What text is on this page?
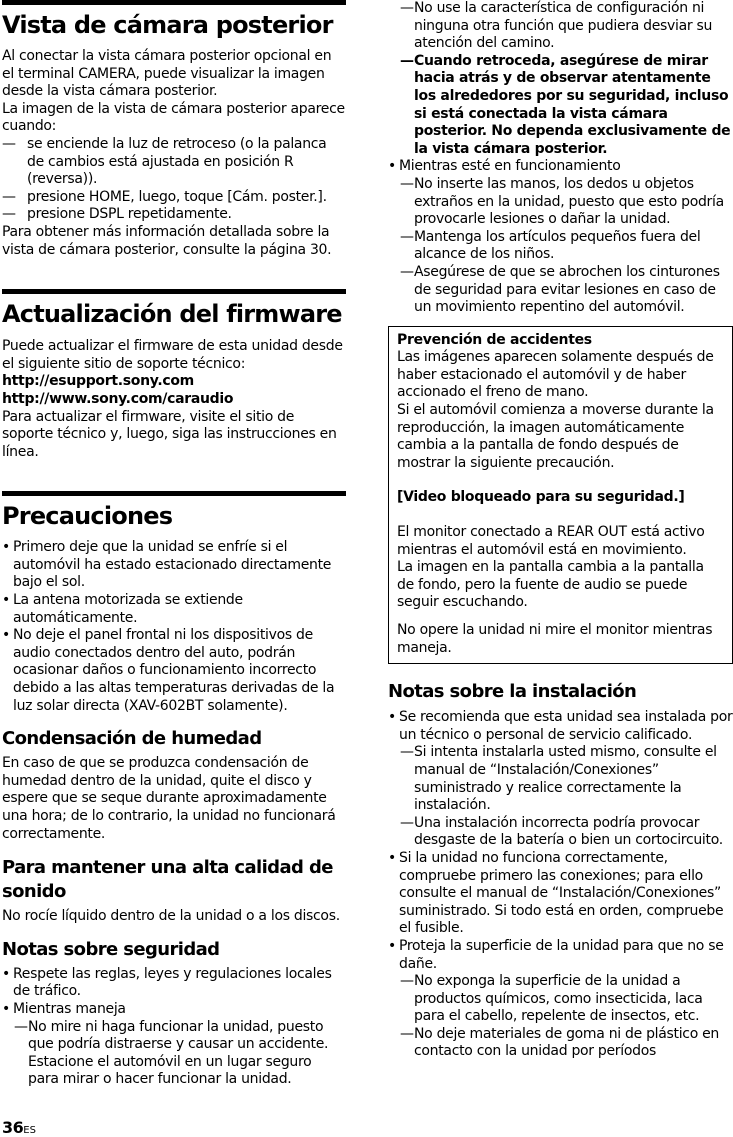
Vista de cámara posterior

Al conectar la vista cámara posterior opcional en el terminal CAMERA, puede visualizar la imagen desde la vista cámara posterior.

La imagen de la vista de cámara posterior aparece cuando:

— se enciende la luz de retroceso (o la palanca de cambios está ajustada en posición R (reversa)).
— presione HOME, luego, toque [Cám. poster.].
— presione DSPL repetidamente.

Para obtener más información detallada sobre la vista de cámara posterior, consulte la página 30.

Actualización del firmware

Puede actualizar el firmware de esta unidad desde el siguiente sitio de soporte técnico:

http://esupport.sony.com

http://www.sony.com/caraudio

Para actualizar el firmware, visite el sitio de soporte técnico y, luego, siga las instrucciones en línea.

Precauciones
• Primero deje que la unidad se enfríe si el automóvil ha estado estacionado directamente bajo el sol.
• La antena motorizada se extiende automáticamente.
• No deje el panel frontal ni los dispositivos de audio conectados dentro del auto, podrán ocasionar daños o funcionamiento incorrecto debido a las altas temperaturas derivadas de la luz solar directa (XAV-602BT solamente).
Condensación de humedad

En caso de que se produzca condensación de humedad dentro de la unidad, quite el disco y espere que se seque durante aproximadamente una hora; de lo contrario, la unidad no funcionará correctamente.

Para mantener una alta calidad de sonido

No rocíe líquido dentro de la unidad o a los discos.

Notas sobre seguridad
• Respete las reglas, leyes y regulaciones locales de tráfico.
• Mientras maneja
— No mire ni haga funcionar la unidad, puesto que podría distraerse y causar un accidente. Estacione el automóvil en un lugar seguro para mirar o hacer funcionar la unidad.
— No use la característica de configuración ni ninguna otra función que pudiera desviar su atención del camino.
— Cuando retroceda, asegúrese de mirar hacia atrás y de observar atentamente los alrededores por su seguridad, incluso si está conectada la vista cámara posterior. No dependa exclusivamente de la vista cámara posterior.
• Mientras esté en funcionamiento
— No inserte las manos, los dedos u objetos extraños en la unidad, puesto que esto podría provocarle lesiones o dañar la unidad.
— Mantenga los artículos pequeños fuera del alcance de los niños.
— Asegúrese de que se abrochen los cinturones de seguridad para evitar lesiones en caso de un movimiento repentino del automóvil.

Prevención de accidentes

Las imágenes aparecen solamente después de haber estacionado el automóvil y de haber accionado el freno de mano.

Si el automóvil comienza a moverse durante la reproducción, la imagen automáticamente cambia a la pantalla de fondo después de mostrar la siguiente precaución.

[Video bloqueado para su seguridad.]

El monitor conectado a REAR OUT está activo mientras el automóvil está en movimiento.

La imagen en la pantalla cambia a la pantalla de fondo, pero la fuente de audio se puede seguir escuchando.

No opere la unidad ni mire el monitor mientras maneja.

Notas sobre la instalación
• Se recomienda que esta unidad sea instalada por un técnico o personal de servicio calificado.
— Si intenta instalarla usted mismo, consulte el manual de “Instalación/Conexiones” suministrado y realice correctamente la instalación.
— Una instalación incorrecta podría provocar desgaste de la batería o bien un cortocircuito.
• Si la unidad no funciona correctamente, compruebe primero las conexiones; para ello consulte el manual de “Instalación/Conexiones” suministrado. Si todo está en orden, compruebe el fusible.
• Proteja la superficie de la unidad para que no se dañe.
— No exponga la superficie de la unidad a productos químicos, como insecticida, laca para el cabello, repelente de insectos, etc.
— No deje materiales de goma ni de plástico en contacto con la unidad por períodos
36ES
